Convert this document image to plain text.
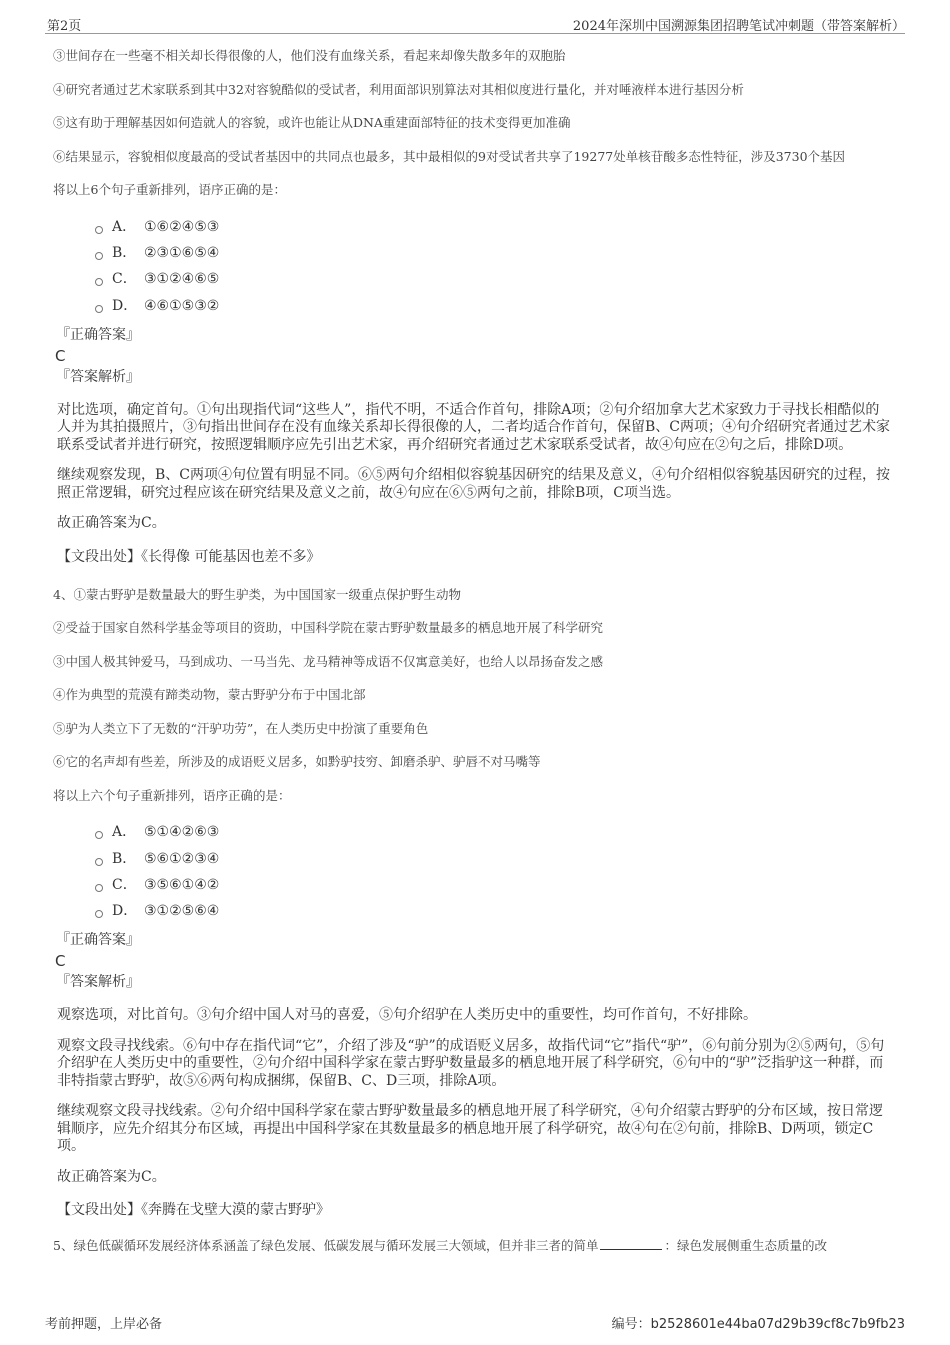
第2页	2024年深圳中国溯源集团招聘笔试冲刺题（带答案解析）
③世间存在一些毫不相关却长得很像的人，他们没有血缘关系，看起来却像失散多年的双胞胎
④研究者通过艺术家联系到其中32对容貌酷似的受试者，利用面部识别算法对其相似度进行量化，并对唾液样本进行基因分析
⑤这有助于理解基因如何造就人的容貌，或许也能让从DNA重建面部特征的技术变得更加准确
⑥结果显示，容貌相似度最高的受试者基因中的共同点也最多，其中最相似的9对受试者共享了19277处单核苷酸多态性特征，涉及3730个基因
将以上6个句子重新排列，语序正确的是：
A． ①⑥②④⑤③
B． ②③①⑥⑤④
C． ③①②④⑥⑤
D． ④⑥①⑤③②
『正确答案』
C
『答案解析』
对比选项，确定首句。①句出现指代词“这些人”，指代不明，不适合作首句，排除A项；②句介绍加拿大艺术家致力于寻找长相酷似的人并为其拍摄照片，③句指出世间存在没有血缘关系却长得很像的人，二者均适合作首句，保留B、C两项；④句介绍研究者通过艺术家联系受试者并进行研究，按照逻辑顺序应先引出艺术家，再介绍研究者通过艺术家联系受试者，故④句应在②句之后，排除D项。
继续观察发现，B、C两项④句位置有明显不同。⑥⑤两句介绍相似容貌基因研究的结果及意义，④句介绍相似容貌基因研究的过程，按照正常逻辑，研究过程应该在研究结果及意义之前，故④句应在⑥⑤两句之前，排除B项，C项当选。
故正确答案为C。
【文段出处】《长得像 可能基因也差不多》
4、①蒙古野驴是数量最大的野生驴类，为中国国家一级重点保护野生动物
②受益于国家自然科学基金等项目的资助，中国科学院在蒙古野驴数量最多的栖息地开展了科学研究
③中国人极其钟爱马，马到成功、一马当先、龙马精神等成语不仅寓意美好，也给人以昂扬奋发之感
④作为典型的荒漠有蹄类动物，蒙古野驴分布于中国北部
⑤驴为人类立下了无数的“汗驴功劳”，在人类历史中扮演了重要角色
⑥它的名声却有些差，所涉及的成语贬义居多，如黔驴技穷、卸磨杀驴、驴唇不对马嘴等
将以上六个句子重新排列，语序正确的是：
A． ⑤①④②⑥③
B． ⑤⑥①②③④
C． ③⑤⑥①④②
D． ③①②⑤⑥④
『正确答案』
C
『答案解析』
观察选项，对比首句。③句介绍中国人对马的喜爱，⑤句介绍驴在人类历史中的重要性，均可作首句，不好排除。
观察文段寻找线索。⑥句中存在指代词“它”，介绍了涉及“驴”的成语贬义居多，故指代词“它”指代“驴”，⑥句前分别为②⑤两句，⑤句介绍驴在人类历史中的重要性，②句介绍中国科学家在蒙古野驴数量最多的栖息地开展了科学研究，⑥句中的“驴”泛指驴这一种群，而非特指蒙古野驴，故⑤⑥两句构成捆绑，保留B、C、D三项，排除A项。
继续观察文段寻找线索。②句介绍中国科学家在蒙古野驴数量最多的栖息地开展了科学研究，④句介绍蒙古野驴的分布区域，按日常逻辑顺序，应先介绍其分布区域，再提出中国科学家在其数量最多的栖息地开展了科学研究，故④句在②句前，排除B、D两项，锁定C项。
故正确答案为C。
【文段出处】《奔腾在戈壁大漠的蒙古野驴》
5、绿色低碳循环发展经济体系涵盖了绿色发展、低碳发展与循环发展三大领域，但并非三者的简单	：绿色发展侧重生态质量的改
考前押题，上岸必备	编号：b2528601e44ba07d29b39cf8c7b9fb23
